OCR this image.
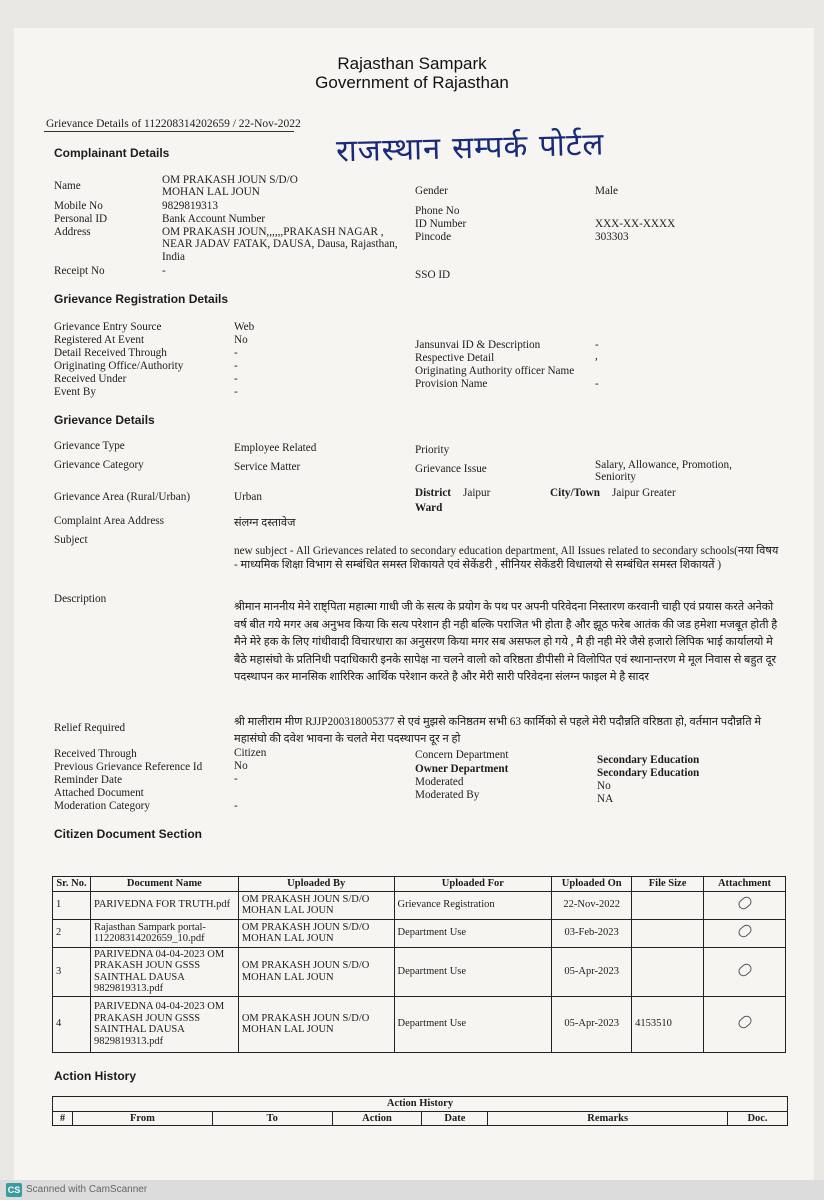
Rajasthan Sampark
Government of Rajasthan
Grievance Details of 112208314202659 / 22-Nov-2022
राजस्थान सम्पर्क पोर्टल
Complainant Details
Name	OM PRAKASH JOUN S/D/O MOHAN LAL JOUN	Gender	Male
Mobile No	9829819313	Phone No
Personal ID	Bank Account Number	ID Number	XXX-XX-XXXX
Address	OM PRAKASH JOUN,,,,,,PRAKASH NAGAR , NEAR JADAV FATAK, DAUSA, Dausa, Rajasthan, India
Pincode	303303
Receipt No	-	SSO ID
Grievance Registration Details
Grievance Entry Source	Web
Registered At Event	No
Detail Received Through	-
Originating Office/Authority	-
Received Under	-
Event By	-
Jansunvai ID & Description	-
Respective Detail	,
Originating Authority officer Name
Provision Name	-
Grievance Details
Grievance Type	Employee Related	Priority
Grievance Category	Service Matter	Grievance Issue	Salary, Allowance, Promotion, Seniority
Grievance Area (Rural/Urban)	Urban	District Jaipur	City/Town Jaipur Greater
Ward
Complaint Area Address	संलग्न दस्तावेज
Subject
new subject - All Grievances related to secondary education department, All Issues related to secondary schools(नया विषय - माध्यमिक शिक्षा विभाग से सम्बंधित समस्त शिकायते एवं सेकेंडरी , सीनियर सेकेंडरी विधालयो से सम्बंधित समस्त शिकायतें )
Description
श्रीमान माननीय मेने राष्ट्पिता महात्मा गाधी जी के सत्य के प्रयोग के पथ पर अपनी परिवेदना निस्तारण करवानी चाही एवं प्रयास करते अनेको वर्ष बीत गये मगर अब अनुभव किया कि सत्य परेशान ही नही बल्कि पराजित भी होता है और झूठ फरेब आतंक की जड हमेशा मजबूत होती है मैने मेरे हक के लिए गांधीवादी विचारधारा का अनुसरण किया मगर सब असफल हो गये , मै ही नही मेरे जैसे हजारो लिपिक भाई कार्यालयो मे बैठे महासंघो के प्रतिनिधी पदाधिकारी इनके सापेक्ष ना चलने वालो को वरिष्ठता डीपीसी मे विलोपित एवं स्थानान्तरण मे मूल निवास से बहुत दूर पदस्थापन कर मानसिक शारिरिक आर्थिक परेशान करते है और मेरी सारी परिवेदना संलग्न फाइल मे है सादर
Relief Required	श्री मालीराम मीण RJJP200318005377 से एवं मुझसे कनिष्ठतम सभी 63 कार्मिको से पहले मेरी पदौन्नति वरिष्ठता हो, वर्तमान पदौन्नति मे महासंघो की दवेश भावना के चलते मेरा पदस्थापन दूर न हो
Received Through	Citizen	Concern Department	Secondary Education
Previous Grievance Reference Id	No	Owner Department	Secondary Education
Reminder Date	-	Moderated	No
Attached Document	Moderated By	NA
Moderation Category	-
Citizen Document Section
Sr. No.	Document Name	Uploaded By	Uploaded For	Uploaded On	File Size	Attachment
1	PARIVEDNA FOR TRUTH.pdf	OM PRAKASH JOUN S/D/O MOHAN LAL JOUN	Grievance Registration	22-Nov-2022		
2	Rajasthan Sampark portal-112208314202659_10.pdf	OM PRAKASH JOUN S/D/O MOHAN LAL JOUN	Department Use	03-Feb-2023		
3	PARIVEDNA 04-04-2023 OM PRAKASH JOUN GSSS SAINTHAL DAUSA 9829819313.pdf	OM PRAKASH JOUN S/D/O MOHAN LAL JOUN	Department Use	05-Apr-2023		
4	PARIVEDNA 04-04-2023 OM PRAKASH JOUN GSSS SAINTHAL DAUSA 9829819313.pdf	OM PRAKASH JOUN S/D/O MOHAN LAL JOUN	Department Use	05-Apr-2023	4153510	
Action History
Action History
#	From	To	Action	Date	Remarks	Doc.
CS Scanned with CamScanner
